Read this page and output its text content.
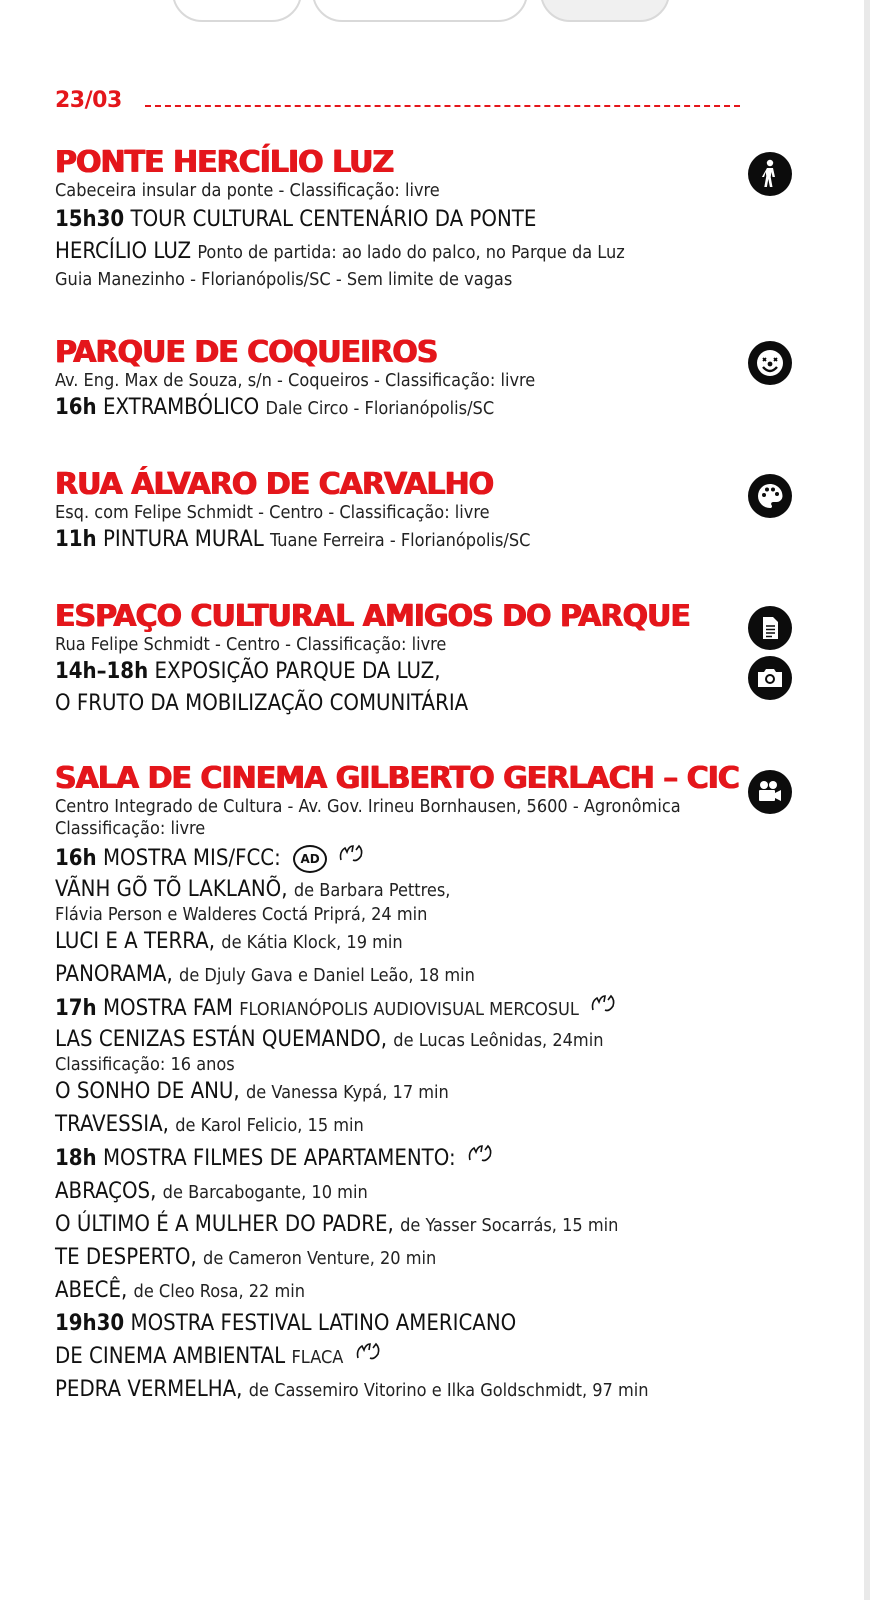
23/03
PONTE HERCÍLIO LUZ
Cabeceira insular da ponte - Classificação: livre
15h30 TOUR CULTURAL CENTENÁRIO DA PONTE
HERCÍLIO LUZ Ponto de partida: ao lado do palco, no Parque da Luz
Guia Manezinho - Florianópolis/SC - Sem limite de vagas
PARQUE DE COQUEIROS
Av. Eng. Max de Souza, s/n - Coqueiros - Classificação: livre
16h EXTRAMBÓLICO Dale Circo - Florianópolis/SC
RUA ÁLVARO DE CARVALHO
Esq. com Felipe Schmidt - Centro - Classificação: livre
11h PINTURA MURAL Tuane Ferreira - Florianópolis/SC
ESPAÇO CULTURAL AMIGOS DO PARQUE
Rua Felipe Schmidt - Centro - Classificação: livre
14h–18h EXPOSIÇÃO PARQUE DA LUZ,
O FRUTO DA MOBILIZAÇÃO COMUNITÁRIA
SALA DE CINEMA GILBERTO GERLACH – CIC
Centro Integrado de Cultura - Av. Gov. Irineu Bornhausen, 5600 - Agronômica
Classificação: livre
16h MOSTRA MIS/FCC: AD
VÃNH GÕ TÕ LAKLANÕ, de Barbara Pettres,
Flávia Person e Walderes Coctá Priprá, 24 min
LUCI E A TERRA, de Kátia Klock, 19 min
PANORAMA, de Djuly Gava e Daniel Leão, 18 min
17h MOSTRA FAM FLORIANÓPOLIS AUDIOVISUAL MERCOSUL
LAS CENIZAS ESTÁN QUEMANDO, de Lucas Leônidas, 24min
Classificação: 16 anos
O SONHO DE ANU, de Vanessa Kypá, 17 min
TRAVESSIA, de Karol Felicio, 15 min
18h MOSTRA FILMES DE APARTAMENTO:
ABRAÇOS, de Barcabogante, 10 min
O ÚLTIMO É A MULHER DO PADRE, de Yasser Socarrás, 15 min
TE DESPERTO, de Cameron Venture, 20 min
ABECÊ, de Cleo Rosa, 22 min
19h30 MOSTRA FESTIVAL LATINO AMERICANO
DE CINEMA AMBIENTAL FLACA
PEDRA VERMELHA, de Cassemiro Vitorino e Ilka Goldschmidt, 97 min
